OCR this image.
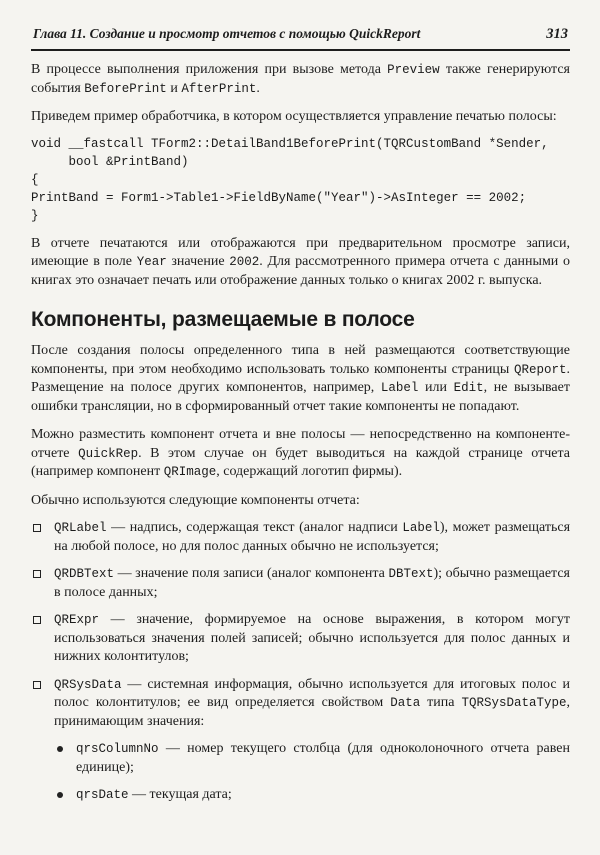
Глава 11. Создание и просмотр отчетов с помощью QuickReport	313

В процессе выполнения приложения при вызове метода Preview также генерируются события BeforePrint и AfterPrint.

Приведем пример обработчика, в котором осуществляется управление печатью полосы:

void __fastcall TForm2::DetailBand1BeforePrint(TQRCustomBand *Sender,
bool &PrintBand)
{
PrintBand = Form1->Table1->FieldByName("Year")->AsInteger == 2002;
}

В отчете печатаются или отображаются при предварительном просмотре записи, имеющие в поле Year значение 2002. Для рассмотренного примера отчета с данными о книгах это означает печать или отображение данных только о книгах 2002 г. выпуска.

Компоненты, размещаемые в полосе

После создания полосы определенного типа в ней размещаются соответствующие компоненты, при этом необходимо использовать только компоненты страницы QReport. Размещение на полосе других компонентов, например, Label или Edit, не вызывает ошибки трансляции, но в сформированный отчет такие компоненты не попадают.

Можно разместить компонент отчета и вне полосы — непосредственно на компоненте-отчете QuickRep. В этом случае он будет выводиться на каждой странице отчета (например компонент QRImage, содержащий логотип фирмы).

Обычно используются следующие компоненты отчета:

QRLabel — надпись, содержащая текст (аналог надписи Label), может размещаться на любой полосе, но для полос данных обычно не используется;
QRDBText — значение поля записи (аналог компонента DBText); обычно размещается в полосе данных;
QRExpr — значение, формируемое на основе выражения, в котором могут использоваться значения полей записей; обычно используется для полос данных и нижних колонтитулов;
QRSysData — системная информация, обычно используется для итоговых полос и полос колонтитулов; ее вид определяется свойством Data типа TQRSysDataType, принимающим значения:
qrsColumnNo — номер текущего столбца (для одноколоночного отчета равен единице);
qrsDate — текущая дата;
